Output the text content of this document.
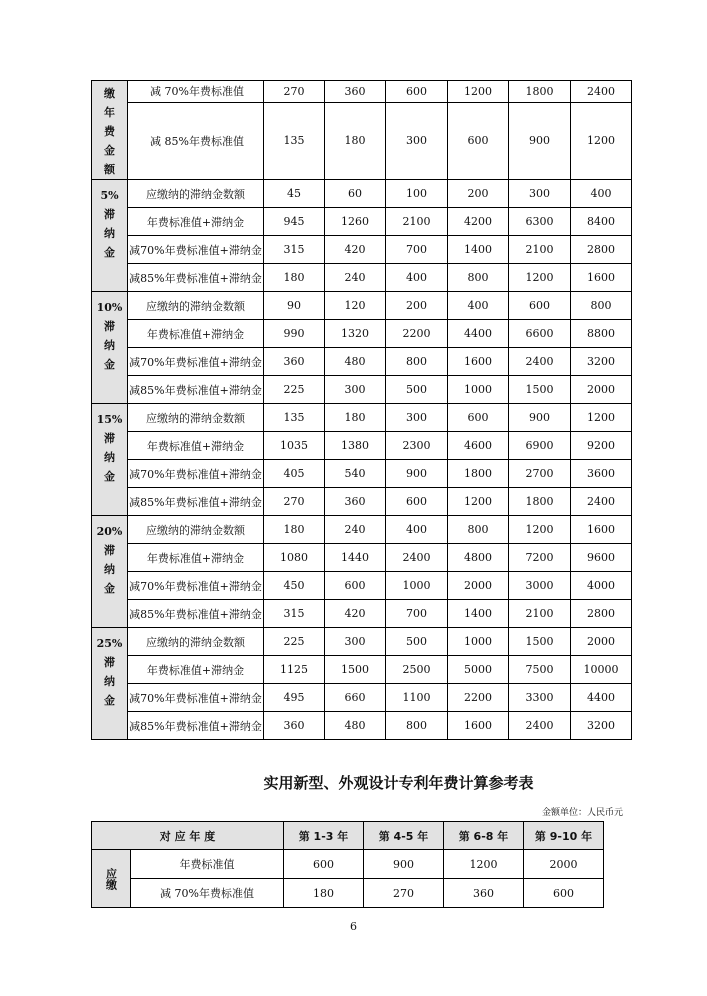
缴
年
费
金
额	减 70%年费标准值	270	360	600	1200	1800	2400
	减 85%年费标准值	135	180	300	600	900	1200
5%
滞
纳
金	应缴纳的滞纳金数额	45	60	100	200	300	400
	年费标准值+滞纳金	945	1260	2100	4200	6300	8400
	减70%年费标准值+滞纳金	315	420	700	1400	2100	2800
	减85%年费标准值+滞纳金	180	240	400	800	1200	1600
10%
滞
纳
金	应缴纳的滞纳金数额	90	120	200	400	600	800
	年费标准值+滞纳金	990	1320	2200	4400	6600	8800
	减70%年费标准值+滞纳金	360	480	800	1600	2400	3200
	减85%年费标准值+滞纳金	225	300	500	1000	1500	2000
15%
滞
纳
金	应缴纳的滞纳金数额	135	180	300	600	900	1200
	年费标准值+滞纳金	1035	1380	2300	4600	6900	9200
	减70%年费标准值+滞纳金	405	540	900	1800	2700	3600
	减85%年费标准值+滞纳金	270	360	600	1200	1800	2400
20%
滞
纳
金	应缴纳的滞纳金数额	180	240	400	800	1200	1600
	年费标准值+滞纳金	1080	1440	2400	4800	7200	9600
	减70%年费标准值+滞纳金	450	600	1000	2000	3000	4000
	减85%年费标准值+滞纳金	315	420	700	1400	2100	2800
25%
滞
纳
金	应缴纳的滞纳金数额	225	300	500	1000	1500	2000
	年费标准值+滞纳金	1125	1500	2500	5000	7500	10000
	减70%年费标准值+滞纳金	495	660	1100	2200	3300	4400
	减85%年费标准值+滞纳金	360	480	800	1600	2400	3200
实用新型、外观设计专利年费计算参考表
金额单位：人民币元
对 应 年 度		第 1-3 年	第 4-5 年	第 6-8 年	第 9-10 年
应缴	年费标准值	600	900	1200	2000
	减 70%年费标准值	180	270	360	600
6
